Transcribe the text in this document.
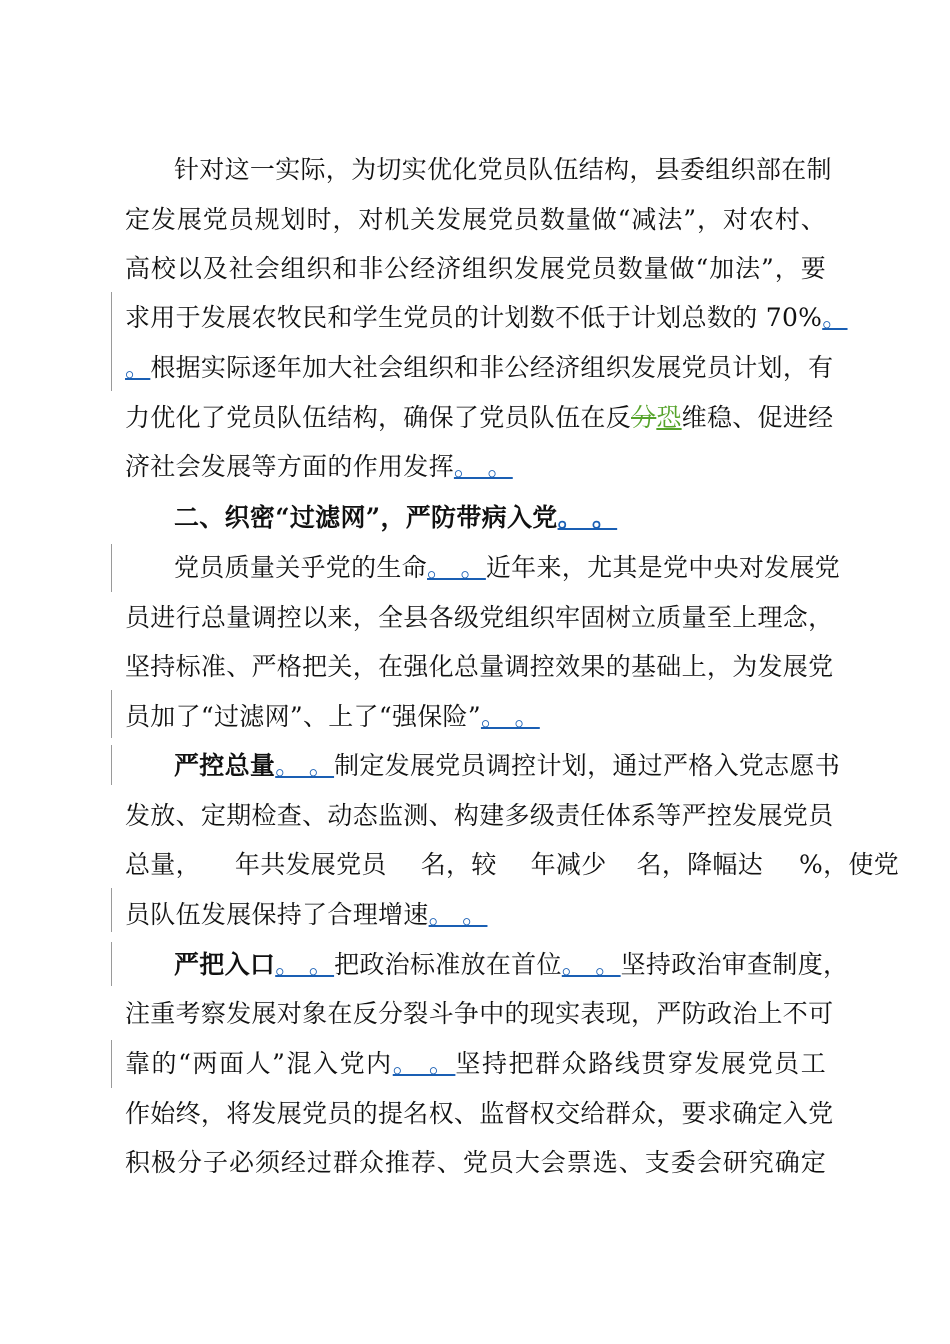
针对这一实际，为切实优化党员队伍结构，县委组织部在制
定发展党员规划时，对机关发展党员数量做“减法”，对农村、
高校以及社会组织和非公经济组织发展党员数量做“加法”，要
求用于发展农牧民和学生党员的计划数不低于计划总数的 70%。
。根据实际逐年加大社会组织和非公经济组织发展党员计划，有
力优化了党员队伍结构，确保了党员队伍在反分恐维稳、促进经
济社会发展等方面的作用发挥。 。
二、织密“过滤网”，严防带病入党。 。
党员质量关乎党的生命。 。近年来，尤其是党中央对发展党
员进行总量调控以来，全县各级党组织牢固树立质量至上理念，
坚持标准、严格把关，在强化总量调控效果的基础上，为发展党
员加了“过滤网”、上了“强保险”。 。
严控总量。 。制定发展党员调控计划，通过严格入党志愿书
发放、定期检查、动态监测、构建多级责任体系等严控发展党员
总量， 年共发展党员 名，较 年减少 名，降幅达 %，使党
员队伍发展保持了合理增速。 。
严把入口。 。把政治标准放在首位。 。坚持政治审查制度，
注重考察发展对象在反分裂斗争中的现实表现，严防政治上不可
靠的“两面人”混入党内。 。坚持把群众路线贯穿发展党员工
作始终，将发展党员的提名权、监督权交给群众，要求确定入党
积极分子必须经过群众推荐、党员大会票选、支委会研究确定
